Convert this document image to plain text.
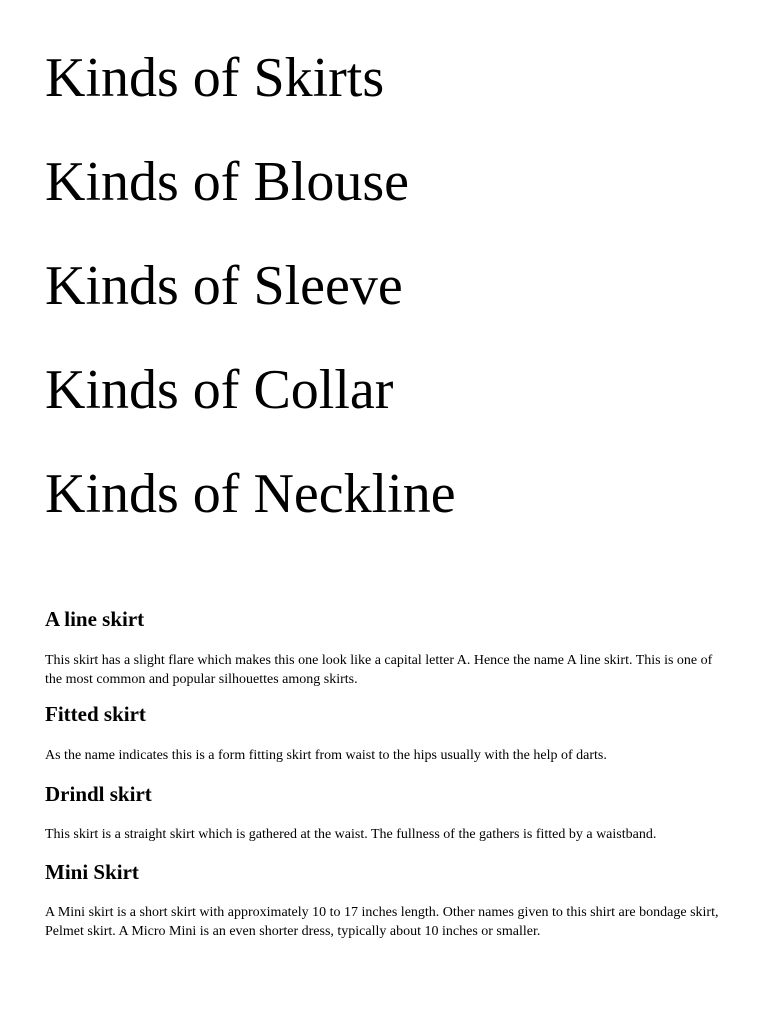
Kinds of Skirts
Kinds of Blouse
Kinds of Sleeve
Kinds of Collar
Kinds of Neckline
A line skirt

This skirt has a slight flare which makes this one look like a capital letter A. Hence the name A line skirt. This is one of the most common and popular silhouettes among skirts.

Fitted skirt

As the name indicates this is a form fitting skirt from waist to the hips usually with the help of darts.

Drindl skirt

This skirt is a straight skirt which is gathered at the waist. The fullness of the gathers is fitted by a waistband.

Mini Skirt

A Mini skirt is a short skirt with approximately 10 to 17 inches length. Other names given to this shirt are bondage skirt, Pelmet skirt. A Micro Mini is an even shorter dress, typically about 10 inches or smaller.
